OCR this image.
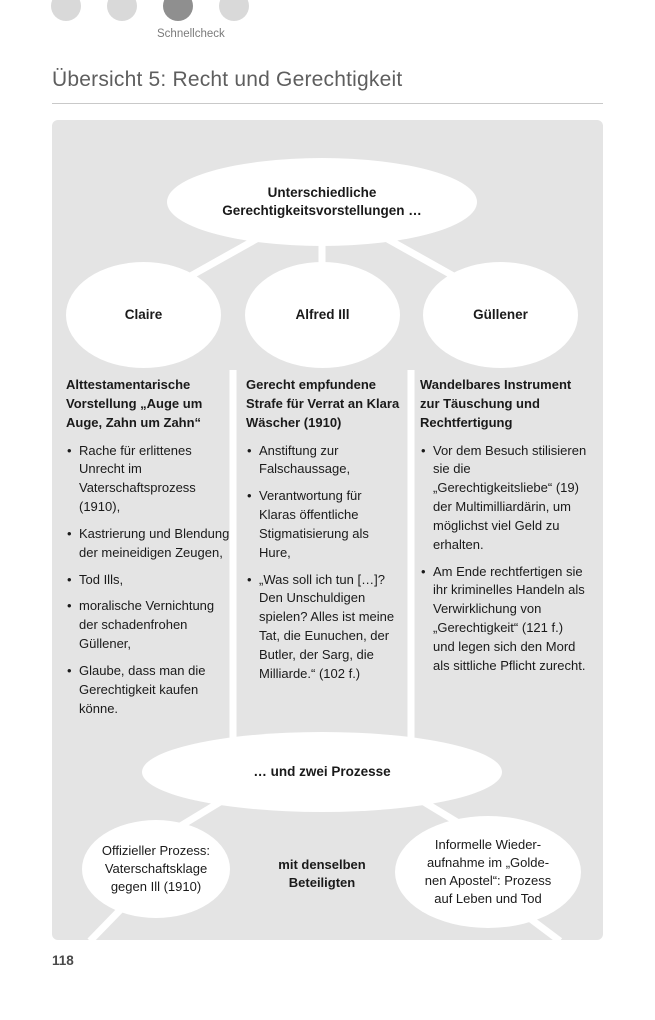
Schnellcheck
Übersicht 5: Recht und Gerechtigkeit
Unterschiedliche
Gerechtigkeitsvorstellungen …
Claire	Alfred Ill	Güllener
Alttestamentarische Vorstellung „Auge um Auge, Zahn um Zahn“
• Rache für erlittenes Unrecht im Vaterschaftsprozess (1910),
• Kastrierung und Blendung der meineidigen Zeugen,
• Tod Ills,
• moralische Vernichtung der schadenfrohen Güllener,
• Glaube, dass man die Gerechtigkeit kaufen könne.
Gerecht empfundene Strafe für Verrat an Klara Wäscher (1910)
• Anstiftung zur Falschaussage,
• Verantwortung für Klaras öffentliche Stigmatisierung als Hure,
• „Was soll ich tun […]? Den Unschuldigen spielen? Alles ist meine Tat, die Eunuchen, der Butler, der Sarg, die Milliarde.“ (102 f.)
Wandelbares Instrument zur Täuschung und Rechtfertigung
• Vor dem Besuch stilisieren sie die „Gerechtigkeitsliebe“ (19) der Multimilliardärin, um möglichst viel Geld zu erhalten.
• Am Ende rechtfertigen sie ihr kriminelles Handeln als Verwirklichung von „Gerechtigkeit“ (121 f.) und legen sich den Mord als sittliche Pflicht zurecht.
… und zwei Prozesse
Offizieller Prozess:
Vaterschaftsklage
gegen Ill (1910)
mit denselben
Beteiligten
Informelle Wieder-
aufnahme im „Golde-
nen Apostel“: Prozess
auf Leben und Tod
118
